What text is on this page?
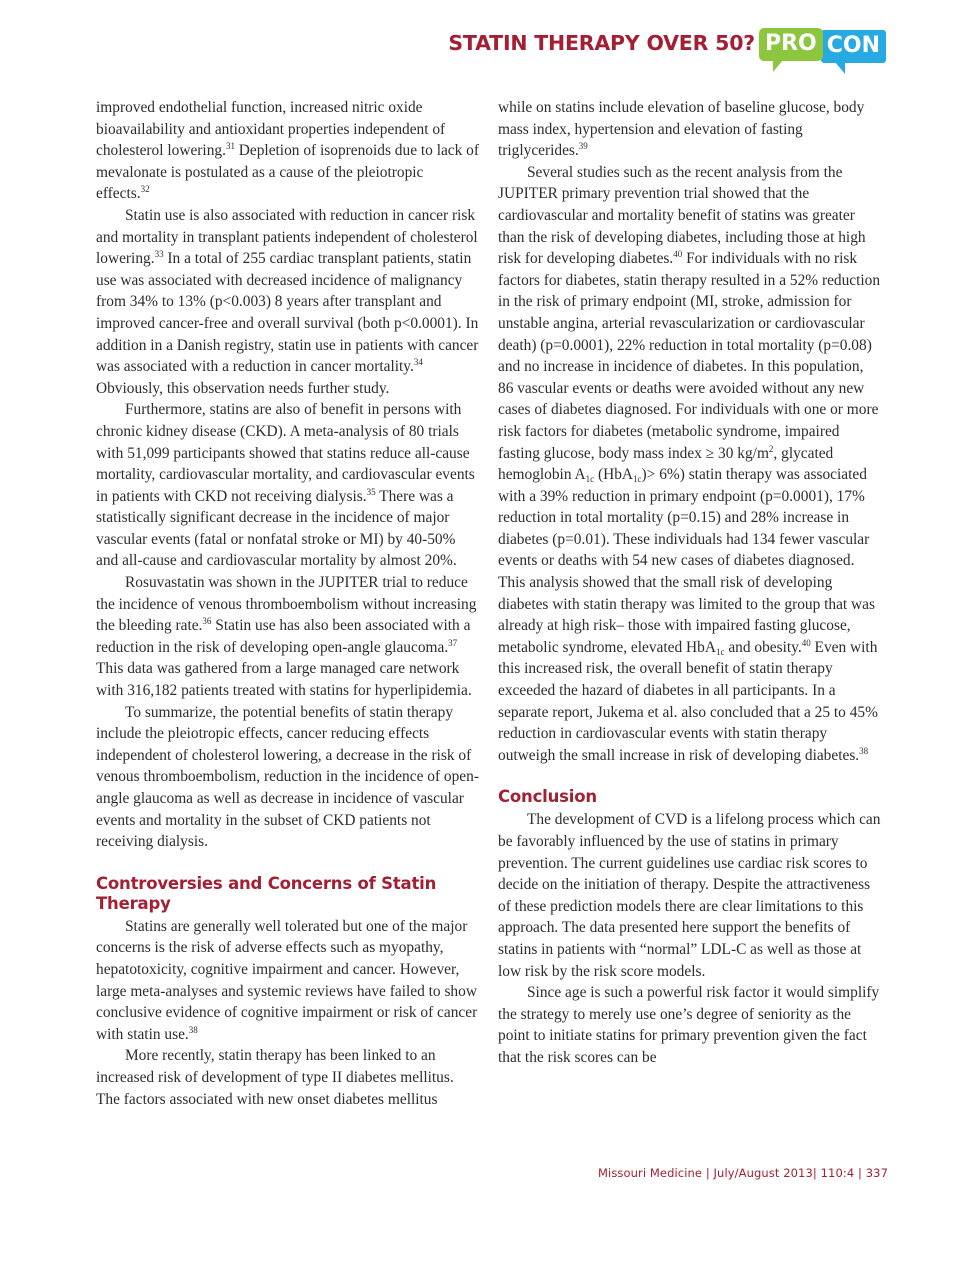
STATIN THERAPY OVER 50? PRO CON

improved endothelial function, increased nitric oxide bioavailability and antioxidant properties independent of cholesterol lowering.$^{31}$ Depletion of isoprenoids due to lack of mevalonate is postulated as a cause of the pleiotropic effects.$^{32}$

Statin use is also associated with reduction in cancer risk and mortality in transplant patients independent of cholesterol lowering.$^{33}$ In a total of 255 cardiac transplant patients, statin use was associated with decreased incidence of malignancy from 34% to 13% (p<0.003) 8 years after transplant and improved cancer-free and overall survival (both p<0.0001). In addition in a Danish registry, statin use in patients with cancer was associated with a reduction in cancer mortality.$^{34}$ Obviously, this observation needs further study.

Furthermore, statins are also of benefit in persons with chronic kidney disease (CKD). A meta-analysis of 80 trials with 51,099 participants showed that statins reduce all-cause mortality, cardiovascular mortality, and cardiovascular events in patients with CKD not receiving dialysis.$^{35}$ There was a statistically significant decrease in the incidence of major vascular events (fatal or nonfatal stroke or MI) by 40-50% and all-cause and cardiovascular mortality by almost 20%.

Rosuvastatin was shown in the JUPITER trial to reduce the incidence of venous thromboembolism without increasing the bleeding rate.$^{36}$ Statin use has also been associated with a reduction in the risk of developing open-angle glaucoma.$^{37}$ This data was gathered from a large managed care network with 316,182 patients treated with statins for hyperlipidemia.

To summarize, the potential benefits of statin therapy include the pleiotropic effects, cancer reducing effects independent of cholesterol lowering, a decrease in the risk of venous thromboembolism, reduction in the incidence of open-angle glaucoma as well as decrease in incidence of vascular events and mortality in the subset of CKD patients not receiving dialysis.

Controversies and Concerns of Statin Therapy

Statins are generally well tolerated but one of the major concerns is the risk of adverse effects such as myopathy, hepatotoxicity, cognitive impairment and cancer. However, large meta-analyses and systemic reviews have failed to show conclusive evidence of cognitive impairment or risk of cancer with statin use.$^{38}$

More recently, statin therapy has been linked to an increased risk of development of type II diabetes mellitus. The factors associated with new onset diabetes mellitus

while on statins include elevation of baseline glucose, body mass index, hypertension and elevation of fasting triglycerides.$^{39}$

Several studies such as the recent analysis from the JUPITER primary prevention trial showed that the cardiovascular and mortality benefit of statins was greater than the risk of developing diabetes, including those at high risk for developing diabetes.$^{40}$ For individuals with no risk factors for diabetes, statin therapy resulted in a 52% reduction in the risk of primary endpoint (MI, stroke, admission for unstable angina, arterial revascularization or cardiovascular death) (p=0.0001), 22% reduction in total mortality (p=0.08) and no increase in incidence of diabetes. In this population, 86 vascular events or deaths were avoided without any new cases of diabetes diagnosed. For individuals with one or more risk factors for diabetes (metabolic syndrome, impaired fasting glucose, body mass index ≥ 30 $kg/m^2$, glycated hemoglobin $A_{1c}$ (HbA$_{1c}$)> 6%) statin therapy was associated with a 39% reduction in primary endpoint (p=0.0001), 17% reduction in total mortality (p=0.15) and 28% increase in diabetes (p=0.01). These individuals had 134 fewer vascular events or deaths with 54 new cases of diabetes diagnosed. This analysis showed that the small risk of developing diabetes with statin therapy was limited to the group that was already at high risk– those with impaired fasting glucose, metabolic syndrome, elevated HbA$_{1c}$ and obesity.$^{40}$ Even with this increased risk, the overall benefit of statin therapy exceeded the hazard of diabetes in all participants. In a separate report, Jukema et al. also concluded that a 25 to 45% reduction in cardiovascular events with statin therapy outweigh the small increase in risk of developing diabetes.$^{38}$

Conclusion

The development of CVD is a lifelong process which can be favorably influenced by the use of statins in primary prevention. The current guidelines use cardiac risk scores to decide on the initiation of therapy. Despite the attractiveness of these prediction models there are clear limitations to this approach. The data presented here support the benefits of statins in patients with “normal” LDL-C as well as those at low risk by the risk score models.

Since age is such a powerful risk factor it would simplify the strategy to merely use one’s degree of seniority as the point to initiate statins for primary prevention given the fact that the risk scores can be

Missouri Medicine | July/August 2013| 110:4 | 337
